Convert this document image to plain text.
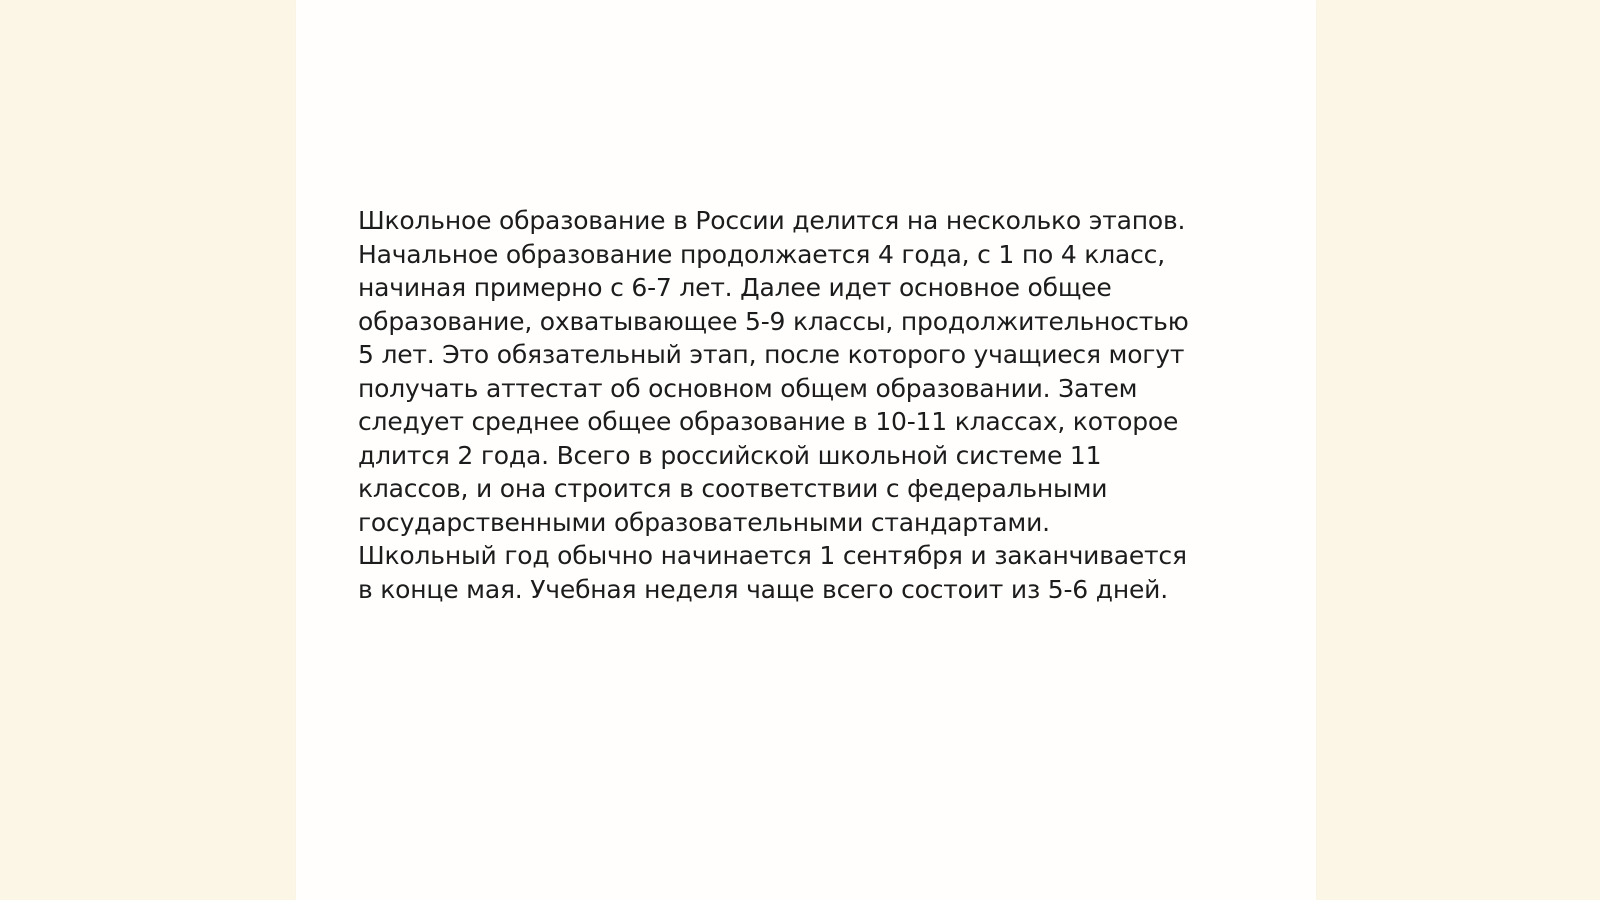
Школьное образование в России делится на несколько этапов.
Начальное образование продолжается 4 года, с 1 по 4 класс,
начиная примерно с 6-7 лет. Далее идет основное общее
образование, охватывающее 5-9 классы, продолжительностью
5 лет. Это обязательный этап, после которого учащиеся могут
получать аттестат об основном общем образовании. Затем
следует среднее общее образование в 10-11 классах, которое
длится 2 года. Всего в российской школьной системе 11
классов, и она строится в соответствии с федеральными
государственными образовательными стандартами.
Школьный год обычно начинается 1 сентября и заканчивается
в конце мая. Учебная неделя чаще всего состоит из 5-6 дней.
